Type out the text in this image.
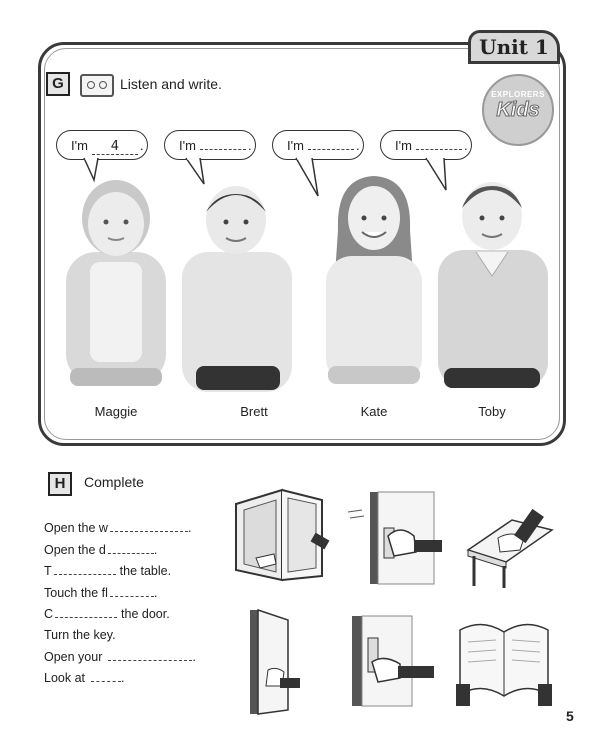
Unit 1
G	Listen and write.
EXPLORERS
Kids
I'm 4 .	I'm	.	I'm	.	I'm	.
Maggie	Brett	Kate	Toby
H	Complete
Open the w	.
Open the d	.
T	the table.
Touch the fl	.
C	the door.
Turn the key.
Open your	.
Look at	.
5
